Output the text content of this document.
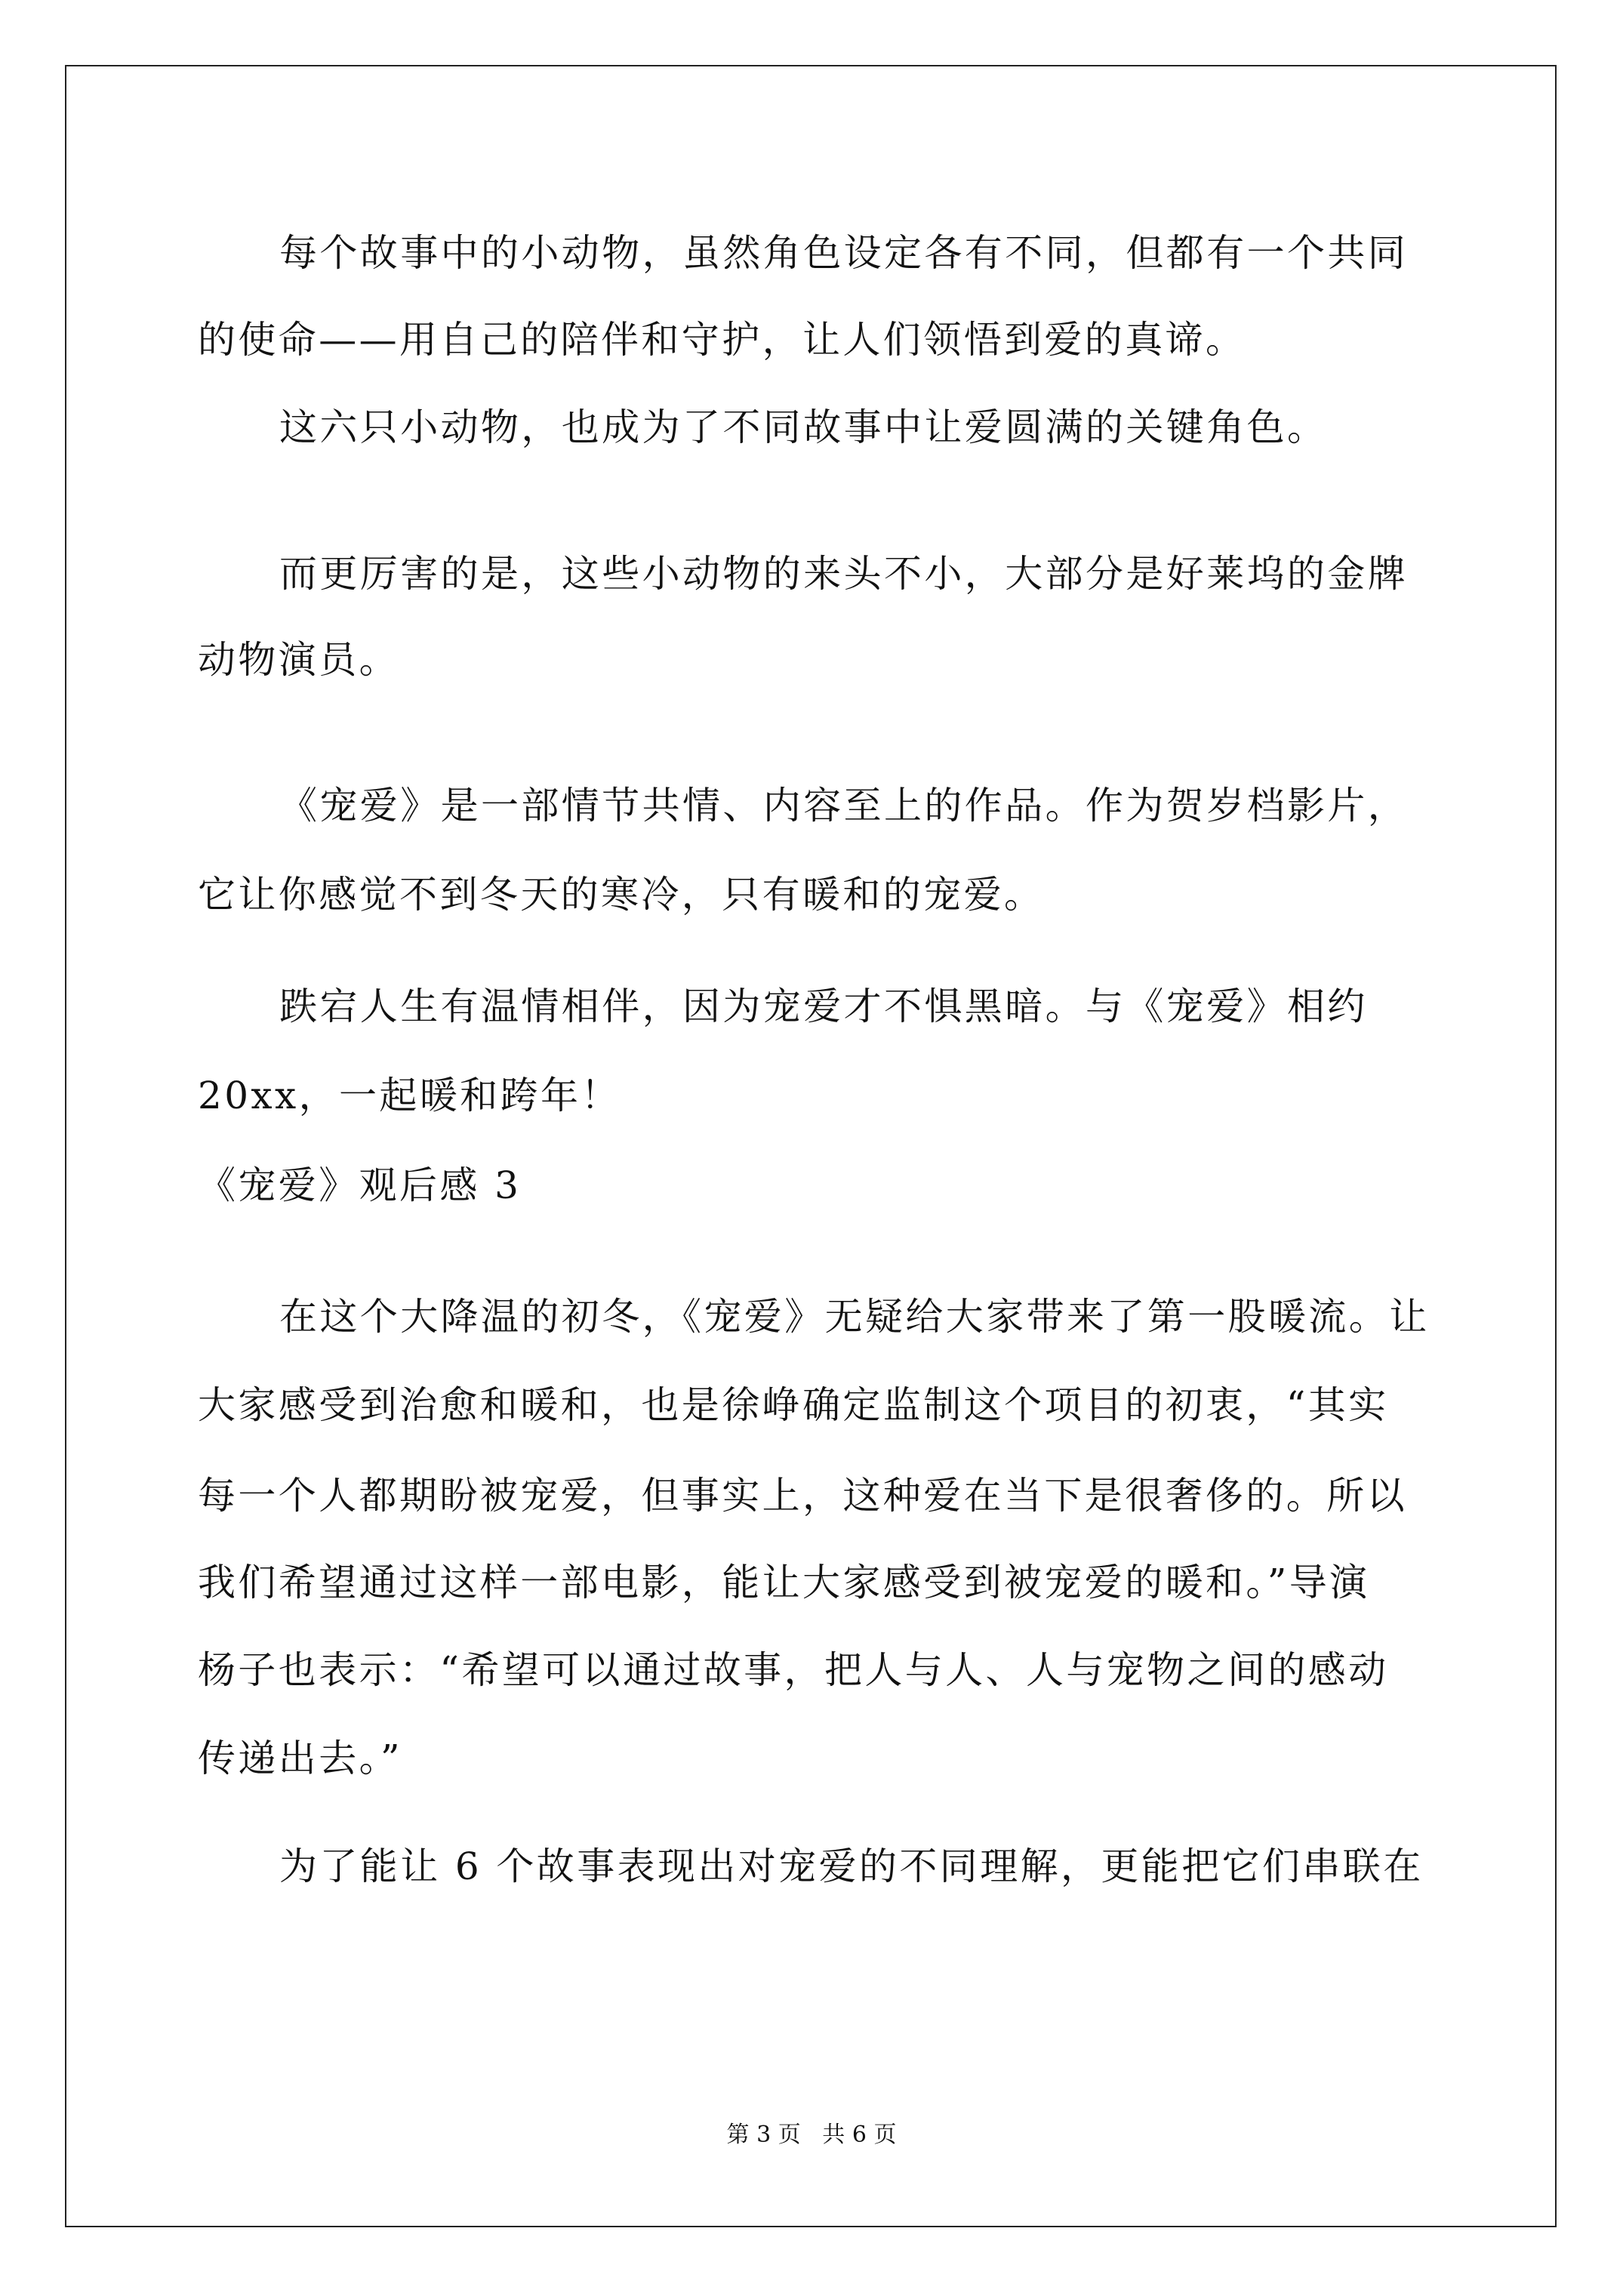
每个故事中的小动物，虽然角色设定各有不同，但都有一个共同
的使命——用自己的陪伴和守护，让人们领悟到爱的真谛。
这六只小动物，也成为了不同故事中让爱圆满的关键角色。
而更厉害的是，这些小动物的来头不小，大部分是好莱坞的金牌
动物演员。
《宠爱》是一部情节共情、内容至上的作品。作为贺岁档影片，
它让你感觉不到冬天的寒冷，只有暖和的宠爱。
跌宕人生有温情相伴，因为宠爱才不惧黑暗。与《宠爱》相约
20xx，一起暖和跨年！
《宠爱》观后感 3
在这个大降温的初冬，《宠爱》无疑给大家带来了第一股暖流。让
大家感受到治愈和暖和，也是徐峥确定监制这个项目的初衷，“其实
每一个人都期盼被宠爱，但事实上，这种爱在当下是很奢侈的。所以
我们希望通过这样一部电影，能让大家感受到被宠爱的暖和。”导演
杨子也表示：“希望可以通过故事，把人与人、人与宠物之间的感动
传递出去。”
为了能让 6 个故事表现出对宠爱的不同理解，更能把它们串联在
第 3 页   共 6 页
